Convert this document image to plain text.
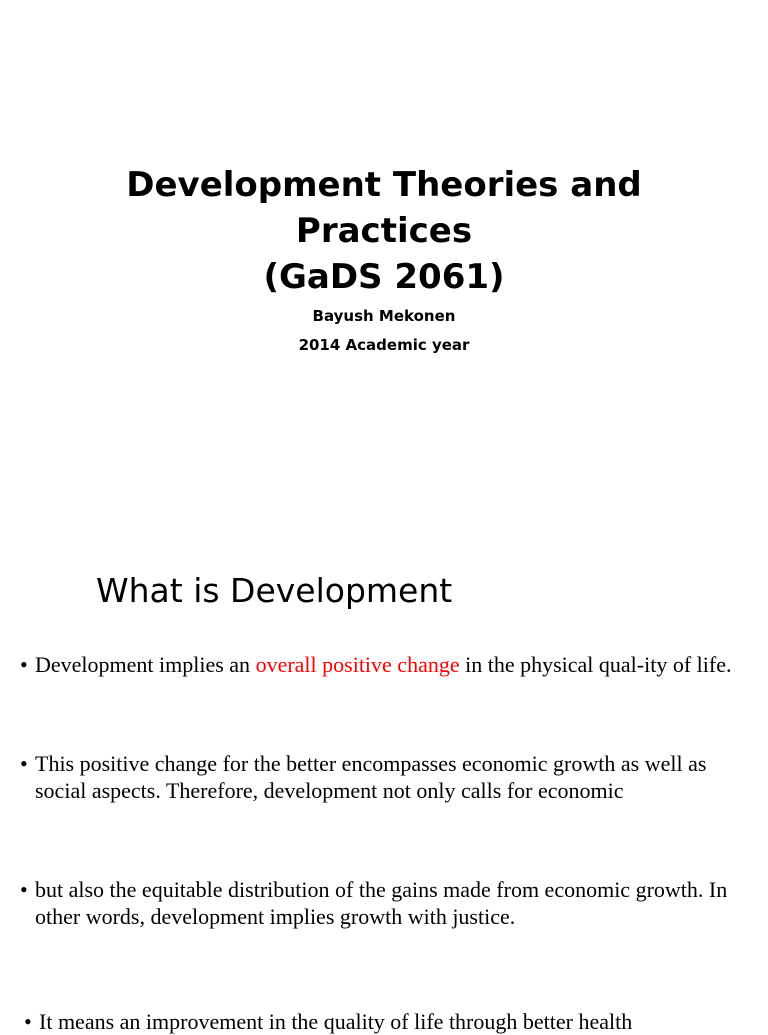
Development Theories and
Practices
(GaDS 2061)
Bayush Mekonen
2014 Academic year
What is Development
• Development implies an overall positive change in the physical qual-ity of life.
• This positive change for the better encompasses economic growth as well as social aspects. Therefore, development not only calls for economic
• but also the equitable distribution of the gains made from economic growth. In other words, development implies growth with justice.
• It means an improvement in the quality of life through better health
